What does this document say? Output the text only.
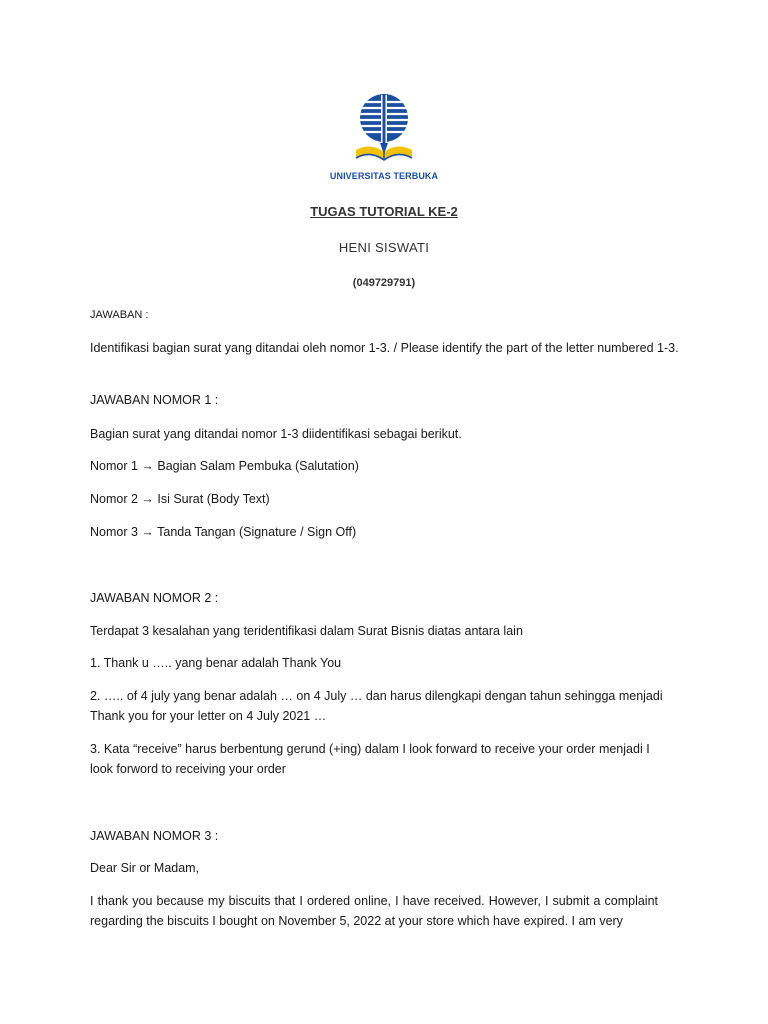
UNIVERSITAS TERBUKA
TUGAS TUTORIAL KE-2
HENI SISWATI
(049729791)
JAWABAN :
Identifikasi bagian surat yang ditandai oleh nomor 1-3. / Please identify the part of the letter numbered 1-3.
JAWABAN NOMOR 1 :
Bagian surat yang ditandai nomor 1-3 diidentifikasi sebagai berikut.
Nomor 1 → Bagian Salam Pembuka (Salutation)
Nomor 2 → Isi Surat (Body Text)
Nomor 3 → Tanda Tangan (Signature / Sign Off)
JAWABAN NOMOR 2 :
Terdapat 3 kesalahan yang teridentifikasi dalam Surat Bisnis diatas antara lain
1. Thank u ….. yang benar adalah Thank You
2. ….. of 4 july yang benar adalah … on 4 July … dan harus dilengkapi dengan tahun sehingga menjadi Thank you for your letter on 4 July 2021 …
3. Kata “receive” harus berbentung gerund (+ing) dalam I look forward to receive your order menjadi I look forword to receiving your order
JAWABAN NOMOR 3 :
Dear Sir or Madam,
I thank you because my biscuits that I ordered online, I have received. However, I submit a complaint regarding the biscuits I bought on November 5, 2022 at your store which have expired. I am very
